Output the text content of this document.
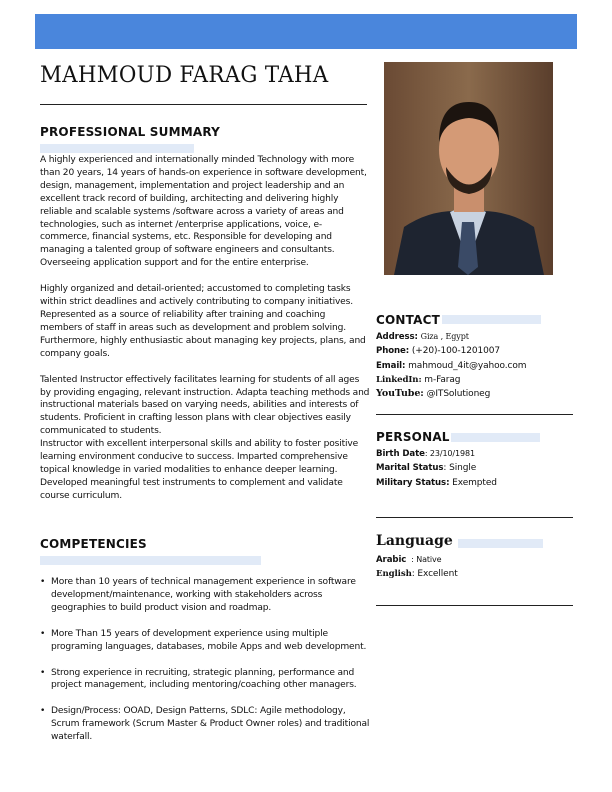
MAHMOUD FARAG TAHA
PROFESSIONAL SUMMARY

A highly experienced and internationally minded Technology with more than 20 years, 14 years of hands-on experience in software development, design, management, implementation and project leadership and an excellent track record of building, architecting and delivering highly reliable and scalable systems /software across a variety of areas and technologies, such as internet /enterprise applications, voice, e-commerce, financial systems, etc. Responsible for developing and managing a talented group of software engineers and consultants. Overseeing application support and for the entire enterprise.

Highly organized and detail-oriented; accustomed to completing tasks within strict deadlines and actively contributing to company initiatives. Represented as a source of reliability after training and coaching members of staff in areas such as development and problem solving. Furthermore, highly enthusiastic about managing key projects, plans, and company goals.

Talented Instructor effectively facilitates learning for students of all ages by providing engaging, relevant instruction. Adapta teaching methods and instructional materials based on varying needs, abilities and interests of students. Proficient in crafting lesson plans with clear objectives easily communicated to students.

Instructor with excellent interpersonal skills and ability to foster positive learning environment conducive to success. Imparted comprehensive topical knowledge in varied modalities to enhance deeper learning. Developed meaningful test instruments to complement and validate course curriculum.

COMPETENCIES
• More than 10 years of technical management experience in software development/maintenance, working with stakeholders across geographies to build product vision and roadmap.
• More Than 15 years of development experience using multiple programing languages, databases, mobile Apps and web development.
• Strong experience in recruiting, strategic planning, performance and project management, including mentoring/coaching other managers.
• Design/Process: OOAD, Design Patterns, SDLC: Agile methodology, Scrum framework (Scrum Master & Product Owner roles) and traditional waterfall.
CONTACT
Address: Giza , Egypt
Phone: (+20)-100-1201007
Email: mahmoud_4it@yahoo.com
LinkedIn: m-Farag
YouTube: @ITSolutioneg
PERSONAL
Birth Date: 23/10/1981
Marital Status: Single
Military Status: Exempted
Language
Arabic  : Native
English: Excellent
